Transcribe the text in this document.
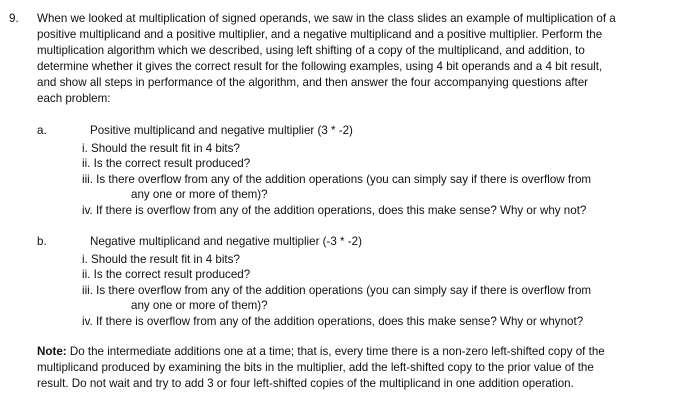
9. When we looked at multiplication of signed operands, we saw in the class slides an example of multiplication of a
positive multiplicand and a positive multiplier, and a negative multiplicand and a positive multiplier. Perform the
multiplication algorithm which we described, using left shifting of a copy of the multiplicand, and addition, to
determine whether it gives the correct result for the following examples, using 4 bit operands and a 4 bit result,
and show all steps in performance of the algorithm, and then answer the four accompanying questions after
each problem:
a.	Positive multiplicand and negative multiplier (3 * -2)
i. Should the result fit in 4 bits?
ii. Is the correct result produced?
iii. Is there overflow from any of the addition operations (you can simply say if there is overflow from
any one or more of them)?
iv. If there is overflow from any of the addition operations, does this make sense? Why or why not?
b.	Negative multiplicand and negative multiplier (-3 * -2)
i. Should the result fit in 4 bits?
ii. Is the correct result produced?
iii. Is there overflow from any of the addition operations (you can simply say if there is overflow from
any one or more of them)?
iv. If there is overflow from any of the addition operations, does this make sense? Why or whynot?
Note: Do the intermediate additions one at a time; that is, every time there is a non-zero left-shifted copy of the
multiplicand produced by examining the bits in the multiplier, add the left-shifted copy to the prior value of the
result. Do not wait and try to add 3 or four left-shifted copies of the multiplicand in one addition operation.
